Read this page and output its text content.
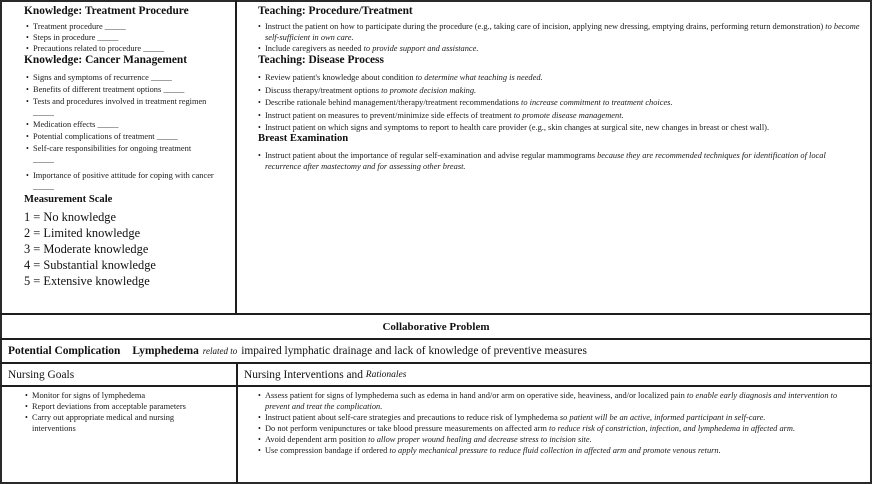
Knowledge: Treatment Procedure
• Treatment procedure _____
• Steps in procedure _____
• Precautions related to procedure _____
Knowledge: Cancer Management
• Signs and symptoms of recurrence _____
• Benefits of different treatment options _____
• Tests and procedures involved in treatment regimen _____
• Medication effects _____
• Potential complications of treatment _____
• Self-care responsibilities for ongoing treatment _____
• Importance of positive attitude for coping with cancer _____
Measurement Scale
1 = No knowledge
2 = Limited knowledge
3 = Moderate knowledge
4 = Substantial knowledge
5 = Extensive knowledge
Teaching: Procedure/Treatment
• Instruct the patient on how to participate during the procedure (e.g., taking care of incision, applying new dressing, emptying drains, performing return demonstration) to become self-sufficient in own care.
• Include caregivers as needed to provide support and assistance.
Teaching: Disease Process
• Review patient's knowledge about condition to determine what teaching is needed.
• Discuss therapy/treatment options to promote decision making.
• Describe rationale behind management/therapy/treatment recommendations to increase commitment to treatment choices.
• Instruct patient on measures to prevent/minimize side effects of treatment to promote disease management.
• Instruct patient on which signs and symptoms to report to health care provider (e.g., skin changes at surgical site, new changes in breast or chest wall).
Breast Examination
• Instruct patient about the importance of regular self-examination and advise regular mammograms because they are recommended techniques for identification of local recurrence after mastectomy and for assessing other breast.
Collaborative Problem
Potential Complication Lymphedema related to impaired lymphatic drainage and lack of knowledge of preventive measures
Nursing Goals	Nursing Interventions and Rationales
• Monitor for signs of lymphedema
• Report deviations from acceptable parameters
• Carry out appropriate medical and nursing interventions
• Assess patient for signs of lymphedema such as edema in hand and/or arm on operative side, heaviness, and/or localized pain to enable early diagnosis and intervention to prevent and treat the complication.
• Instruct patient about self-care strategies and precautions to reduce risk of lymphedema so patient will be an active, informed participant in self-care.
• Do not perform venipunctures or take blood pressure measurements on affected arm to reduce risk of constriction, infection, and lymphedema in affected arm.
• Avoid dependent arm position to allow proper wound healing and decrease stress to incision site.
• Use compression bandage if ordered to apply mechanical pressure to reduce fluid collection in affected arm and promote venous return.
